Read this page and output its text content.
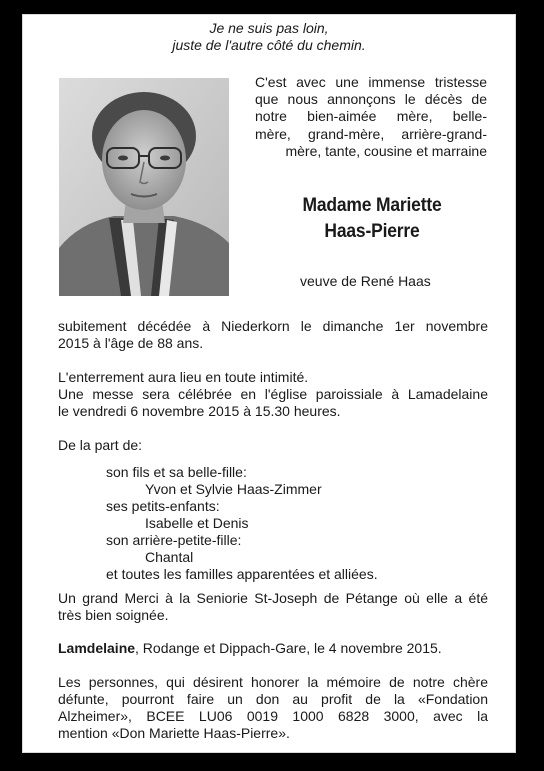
Je ne suis pas loin,
juste de l'autre côté du chemin.
C'est avec une immense tristesse
que nous annonçons le décès de
notre bien-aimée mère, belle-
mère, grand-mère, arrière-grand-
mère, tante, cousine et marraine
Madame Mariette
Haas-Pierre
veuve de René Haas
subitement décédée à Niederkorn le dimanche 1er novembre
2015 à l'âge de 88 ans.
L'enterrement aura lieu en toute intimité.
Une messe sera célébrée en l'église paroissiale à Lamadelaine
le vendredi 6 novembre 2015 à 15.30 heures.
De la part de:
son fils et sa belle-fille:
Yvon et Sylvie Haas-Zimmer
ses petits-enfants:
Isabelle et Denis
son arrière-petite-fille:
Chantal
et toutes les familles apparentées et alliées.
Un grand Merci à la Seniorie St-Joseph de Pétange où elle a été
très bien soignée.
Lamdelaine, Rodange et Dippach-Gare, le 4 novembre 2015.
Les personnes, qui désirent honorer la mémoire de notre chère
défunte, pourront faire un don au profit de la «Fondation
Alzheimer», BCEE LU06 0019 1000 6828 3000, avec la
mention «Don Mariette Haas-Pierre».
